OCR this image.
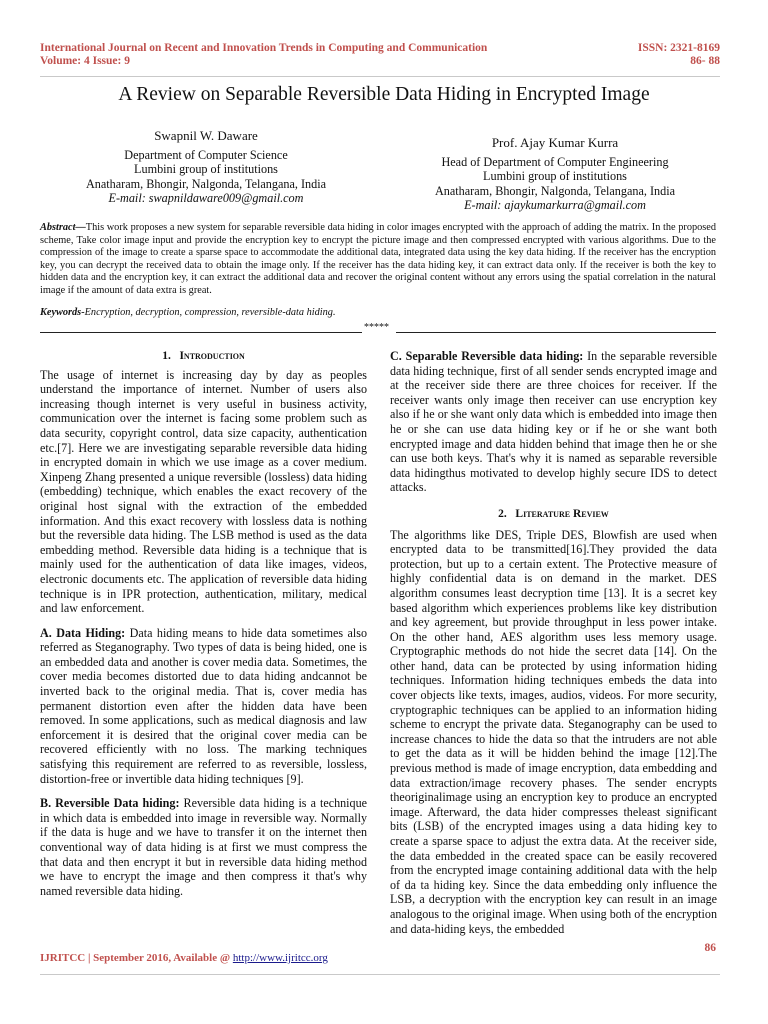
International Journal on Recent and Innovation Trends in Computing and Communication
Volume: 4 Issue: 9
ISSN: 2321-8169
86- 88
A Review on Separable Reversible Data Hiding in Encrypted Image
Swapnil W. Daware
Department of Computer Science
Lumbini group of institutions
Anatharam, Bhongir, Nalgonda, Telangana, India
E-mail: swapnildaware009@gmail.com
Prof. Ajay Kumar Kurra
Head of Department of Computer Engineering
Lumbini group of institutions
Anatharam, Bhongir, Nalgonda, Telangana, India
E-mail: ajaykumarkurra@gmail.com
Abstract—This work proposes a new system for separable reversible data hiding in color images encrypted with the approach of adding the matrix. In the proposed scheme, Take color image input and provide the encryption key to encrypt the picture image and then compressed encrypted with various algorithms. Due to the compression of the image to create a sparse space to accommodate the additional data, integrated data using the key data hiding. If the receiver has the encryption key, you can decrypt the received data to obtain the image only. If the receiver has the data hiding key, it can extract data only. If the receiver is both the key to hidden data and the encryption key, it can extract the additional data and recover the original content without any errors using the spatial correlation in the natural image if the amount of data extra is great.
Keywords-Encryption, decryption, compression, reversible-data hiding.
*****
1. Introduction

The usage of internet is increasing day by day as peoples understand the importance of internet. Number of users also increasing though internet is very useful in business activity, communication over the internet is facing some problem such as data security, copyright control, data size capacity, authentication etc.[7]. Here we are investigating separable reversible data hiding in encrypted domain in which we use image as a cover medium. Xinpeng Zhang presented a unique reversible (lossless) data hiding (embedding) technique, which enables the exact recovery of the original host signal with the extraction of the embedded information. And this exact recovery with lossless data is nothing but the reversible data hiding. The LSB method is used as the data embedding method. Reversible data hiding is a technique that is mainly used for the authentication of data like images, videos, electronic documents etc. The application of reversible data hiding technique is in IPR protection, authentication, military, medical and law enforcement.

A. Data Hiding: Data hiding means to hide data sometimes also referred as Steganography. Two types of data is being hided, one is an embedded data and another is cover media data. Sometimes, the cover media becomes distorted due to data hiding andcannot be inverted back to the original media. That is, cover media has permanent distortion even after the hidden data have been removed. In some applications, such as medical diagnosis and law enforcement it is desired that the original cover media can be recovered efficiently with no loss. The marking techniques satisfying this requirement are referred to as reversible, lossless, distortion-free or invertible data hiding techniques [9].

B. Reversible Data hiding: Reversible data hiding is a technique in which data is embedded into image in reversible way. Normally if the data is huge and we have to transfer it on the internet then conventional way of data hiding is at first we must compress the that data and then encrypt it but in reversible data hiding method we have to encrypt the image and then compress it that's why named reversible data hiding.

C. Separable Reversible data hiding: In the separable reversible data hiding technique, first of all sender sends encrypted image and at the receiver side there are three choices for receiver. If the receiver wants only image then receiver can use encryption key also if he or she want only data which is embedded into image then he or she can use data hiding key or if he or she want both encrypted image and data hidden behind that image then he or she can use both keys. That's why it is named as separable reversible data hidingthus motivated to develop highly secure IDS to detect attacks.

2. Literature Review

The algorithms like DES, Triple DES, Blowfish are used when encrypted data to be transmitted[16].They provided the data protection, but up to a certain extent. The Protective measure of highly confidential data is on demand in the market. DES algorithm consumes least decryption time [13]. It is a secret key based algorithm which experiences problems like key distribution and key agreement, but provide throughput in less power intake. On the other hand, AES algorithm uses less memory usage. Cryptographic methods do not hide the secret data [14]. On the other hand, data can be protected by using information hiding techniques. Information hiding techniques embeds the data into cover objects like texts, images, audios, videos. For more security, cryptographic techniques can be applied to an information hiding scheme to encrypt the private data. Steganography can be used to increase chances to hide the data so that the intruders are not able to get the data as it will be hidden behind the image [12].The previous method is made of image encryption, data embedding and data extraction/image recovery phases. The sender encrypts theoriginalimage using an encryption key to produce an encrypted image. Afterward, the data hider compresses theleast significant bits (LSB) of the encrypted images using a data hiding key to create a sparse space to adjust the extra data. At the receiver side, the data embedded in the created space can be easily recovered from the encrypted image containing additional data with the help of da ta hiding key. Since the data embedding only influence the LSB, a decryption with the encryption key can result in an image analogous to the original image. When using both of the encryption and data-hiding keys, the embedded

86
IJRITCC | September 2016, Available @ http://www.ijritcc.org
